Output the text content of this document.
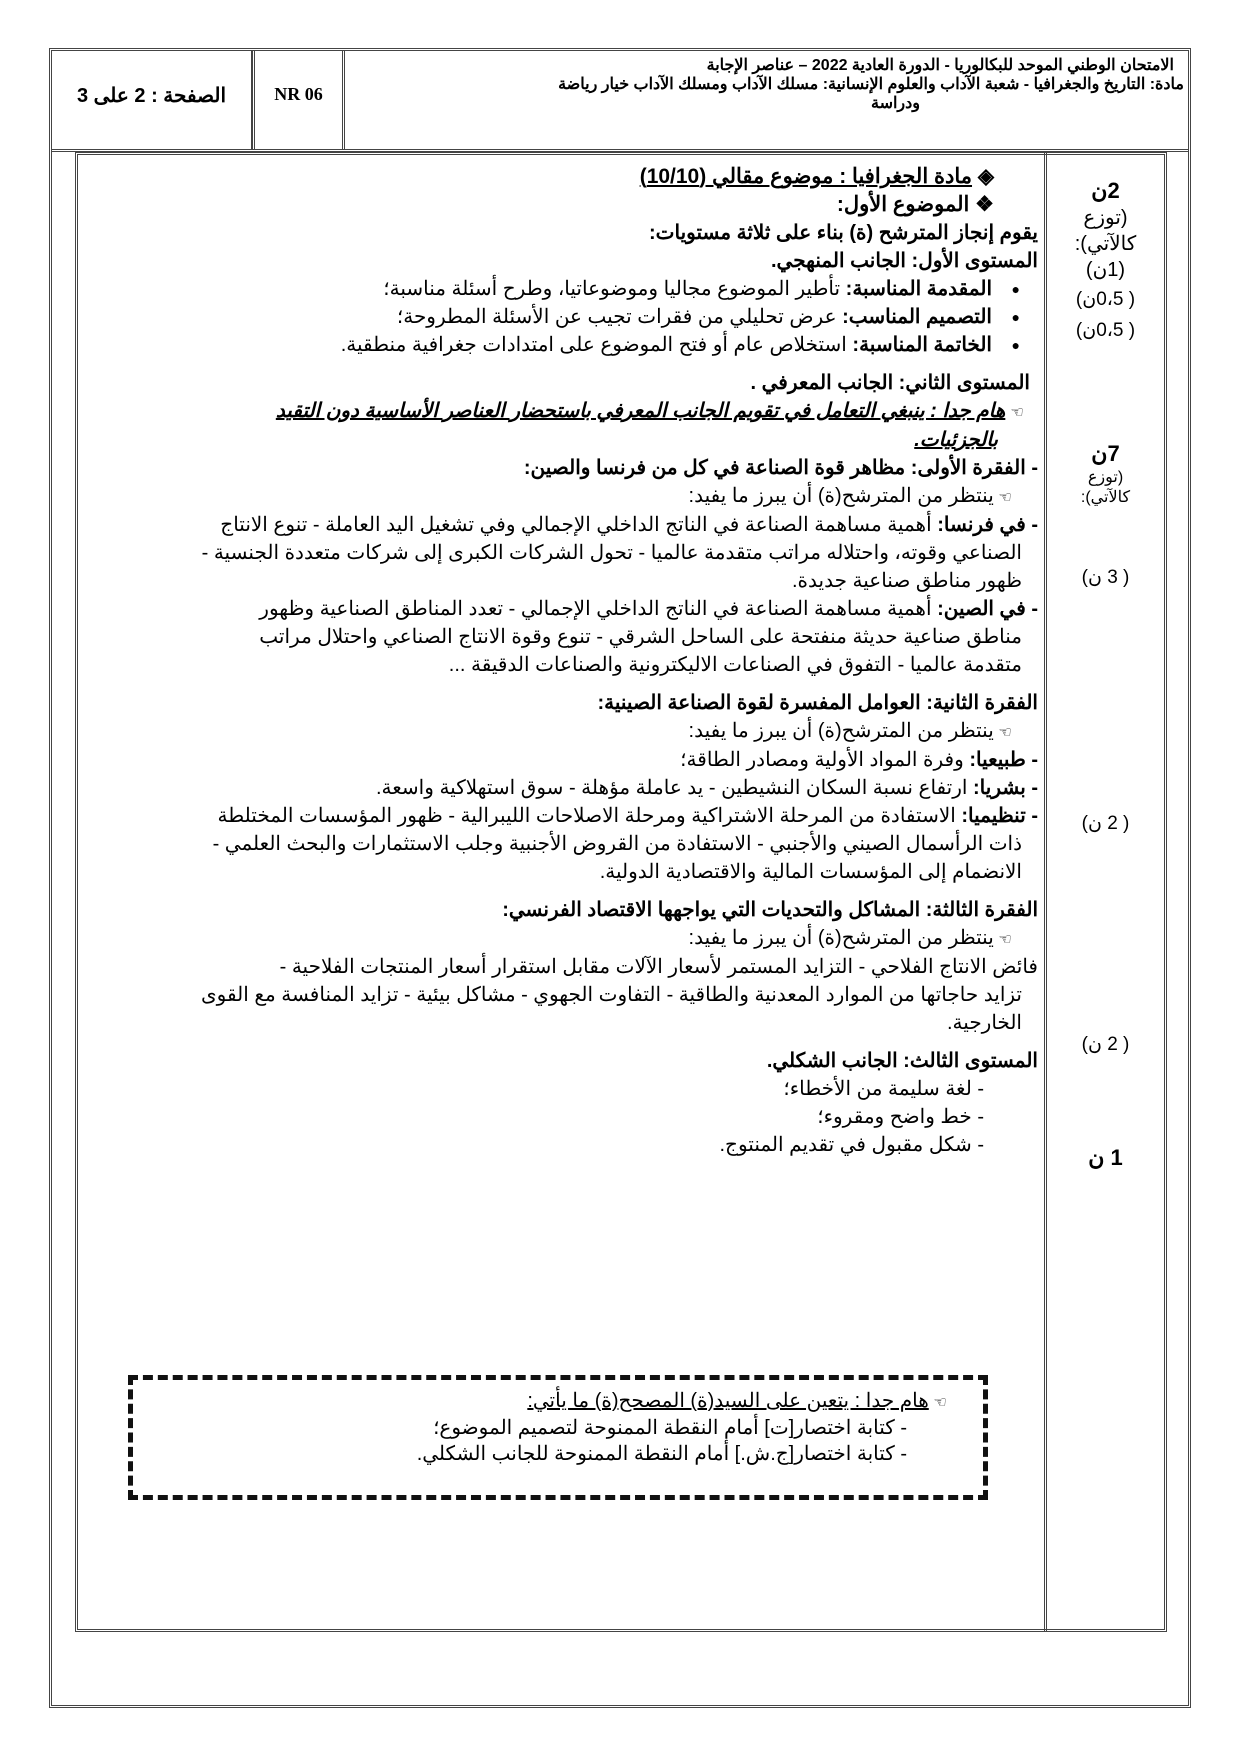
الصفحة : 2 على 3	NR 06
الامتحان الوطني الموحد للبكالوريا - الدورة العادية 2022 – عناصر الإجابة
مادة: التاريخ والجغرافيا - شعبة الآداب والعلوم الإنسانية: مسلك الآداب ومسلك الآداب خيار رياضة
ودراسة
2ن
(توزع
كالآتي):
(1ن)
( 0،5ن)
( 0،5ن)
7ن
(توزع
كالآتي):
( 3 ن)
( 2 ن)
( 2 ن)
1 ن
◈ مادة الجغرافيا : موضوع مقالي (10/10)
❖ الموضوع الأول:
يقوم إنجاز المترشح (ة) بناء على ثلاثة مستويات:
المستوى الأول: الجانب المنهجي.
● المقدمة المناسبة: تأطير الموضوع مجاليا وموضوعاتيا، وطرح أسئلة مناسبة؛
● التصميم المناسب: عرض تحليلي من فقرات تجيب عن الأسئلة المطروحة؛
● الخاتمة المناسبة: استخلاص عام أو فتح الموضوع على امتدادات جغرافية منطقية.
المستوى الثاني: الجانب المعرفي .
☜ هام جدا : ينبغي التعامل في تقويم الجانب المعرفي باستحضار العناصر الأساسية دون التقيد
بالجزئيات.
- الفقرة الأولى: مظاهر قوة الصناعة في كل من فرنسا والصين:
☜ ينتظر من المترشح(ة) أن يبرز ما يفيد:
- في فرنسا: أهمية مساهمة الصناعة في الناتج الداخلي الإجمالي وفي تشغيل اليد العاملة - تنوع الانتاج
الصناعي وقوته، واحتلاله مراتب متقدمة عالميا - تحول الشركات الكبرى إلى شركات متعددة الجنسية -
ظهور مناطق صناعية جديدة.
- في الصين: أهمية مساهمة الصناعة في الناتج الداخلي الإجمالي - تعدد المناطق الصناعية وظهور
مناطق صناعية حديثة منفتحة على الساحل الشرقي - تنوع وقوة الانتاج الصناعي واحتلال مراتب
متقدمة عالميا - التفوق في الصناعات الاليكترونية والصناعات الدقيقة ...
الفقرة الثانية: العوامل المفسرة لقوة الصناعة الصينية:
☜ ينتظر من المترشح(ة) أن يبرز ما يفيد:
- طبيعيا: وفرة المواد الأولية ومصادر الطاقة؛
- بشريا: ارتفاع نسبة السكان النشيطين - يد عاملة مؤهلة - سوق استهلاكية واسعة.
- تنظيميا: الاستفادة من المرحلة الاشتراكية ومرحلة الاصلاحات الليبرالية - ظهور المؤسسات المختلطة
ذات الرأسمال الصيني والأجنبي - الاستفادة من القروض الأجنبية وجلب الاستثمارات والبحث العلمي -
الانضمام إلى المؤسسات المالية والاقتصادية الدولية.
الفقرة الثالثة: المشاكل والتحديات التي يواجهها الاقتصاد الفرنسي:
☜ ينتظر من المترشح(ة) أن يبرز ما يفيد:
فائض الانتاج الفلاحي - التزايد المستمر لأسعار الآلات مقابل استقرار أسعار المنتجات الفلاحية -
تزايد حاجاتها من الموارد المعدنية والطاقية - التفاوت الجهوي - مشاكل بيئية - تزايد المنافسة مع القوى
الخارجية.
المستوى الثالث: الجانب الشكلي.
- لغة سليمة من الأخطاء؛
- خط واضح ومقروء؛
- شكل مقبول في تقديم المنتوج.
☜ هام جدا : يتعين على السيد(ة) المصحح(ة) ما يأتي:
- كتابة اختصار[ت] أمام النقطة الممنوحة لتصميم الموضوع؛
- كتابة اختصار[ج.ش.] أمام النقطة الممنوحة للجانب الشكلي.
